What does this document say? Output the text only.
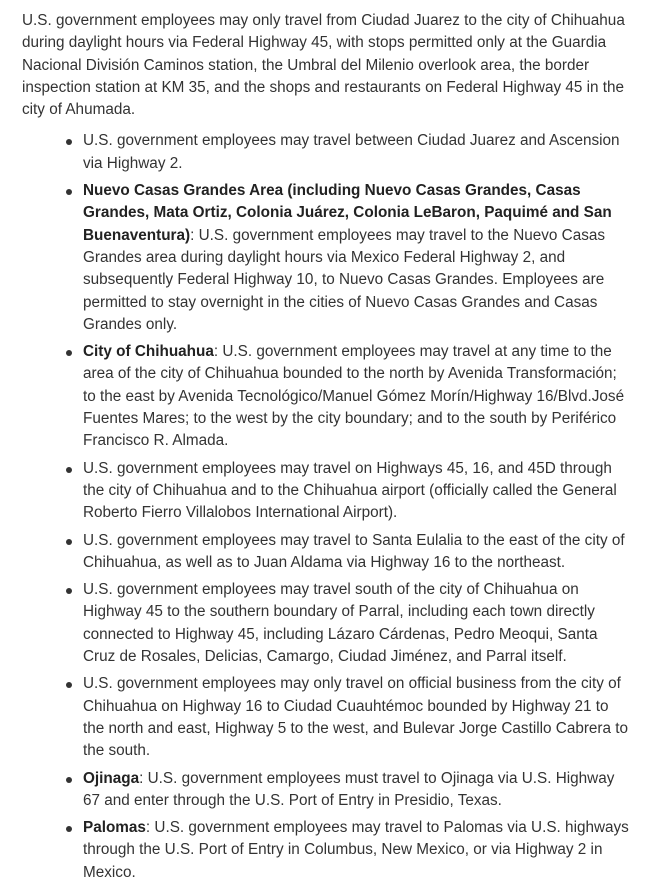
U.S. government employees may only travel from Ciudad Juarez to the city of Chihuahua during daylight hours via Federal Highway 45, with stops permitted only at the Guardia Nacional División Caminos station, the Umbral del Milenio overlook area, the border inspection station at KM 35, and the shops and restaurants on Federal Highway 45 in the city of Ahumada.

U.S. government employees may travel between Ciudad Juarez and Ascension via Highway 2.
Nuevo Casas Grandes Area (including Nuevo Casas Grandes, Casas Grandes, Mata Ortiz, Colonia Juárez, Colonia LeBaron, Paquimé and San Buenaventura): U.S. government employees may travel to the Nuevo Casas Grandes area during daylight hours via Mexico Federal Highway 2, and subsequently Federal Highway 10, to Nuevo Casas Grandes. Employees are permitted to stay overnight in the cities of Nuevo Casas Grandes and Casas Grandes only.
City of Chihuahua: U.S. government employees may travel at any time to the area of the city of Chihuahua bounded to the north by Avenida Transformación; to the east by Avenida Tecnológico/Manuel Gómez Morín/Highway 16/Blvd.José Fuentes Mares; to the west by the city boundary; and to the south by Periférico Francisco R. Almada.
U.S. government employees may travel on Highways 45, 16, and 45D through the city of Chihuahua and to the Chihuahua airport (officially called the General Roberto Fierro Villalobos International Airport).
U.S. government employees may travel to Santa Eulalia to the east of the city of Chihuahua, as well as to Juan Aldama via Highway 16 to the northeast.
U.S. government employees may travel south of the city of Chihuahua on Highway 45 to the southern boundary of Parral, including each town directly connected to Highway 45, including Lázaro Cárdenas, Pedro Meoqui, Santa Cruz de Rosales, Delicias, Camargo, Ciudad Jiménez, and Parral itself.
U.S. government employees may only travel on official business from the city of Chihuahua on Highway 16 to Ciudad Cuauhtémoc bounded by Highway 21 to the north and east, Highway 5 to the west, and Bulevar Jorge Castillo Cabrera to the south.
Ojinaga: U.S. government employees must travel to Ojinaga via U.S. Highway 67 and enter through the U.S. Port of Entry in Presidio, Texas.
Palomas: U.S. government employees may travel to Palomas via U.S. highways through the U.S. Port of Entry in Columbus, New Mexico, or via Highway 2 in Mexico.
